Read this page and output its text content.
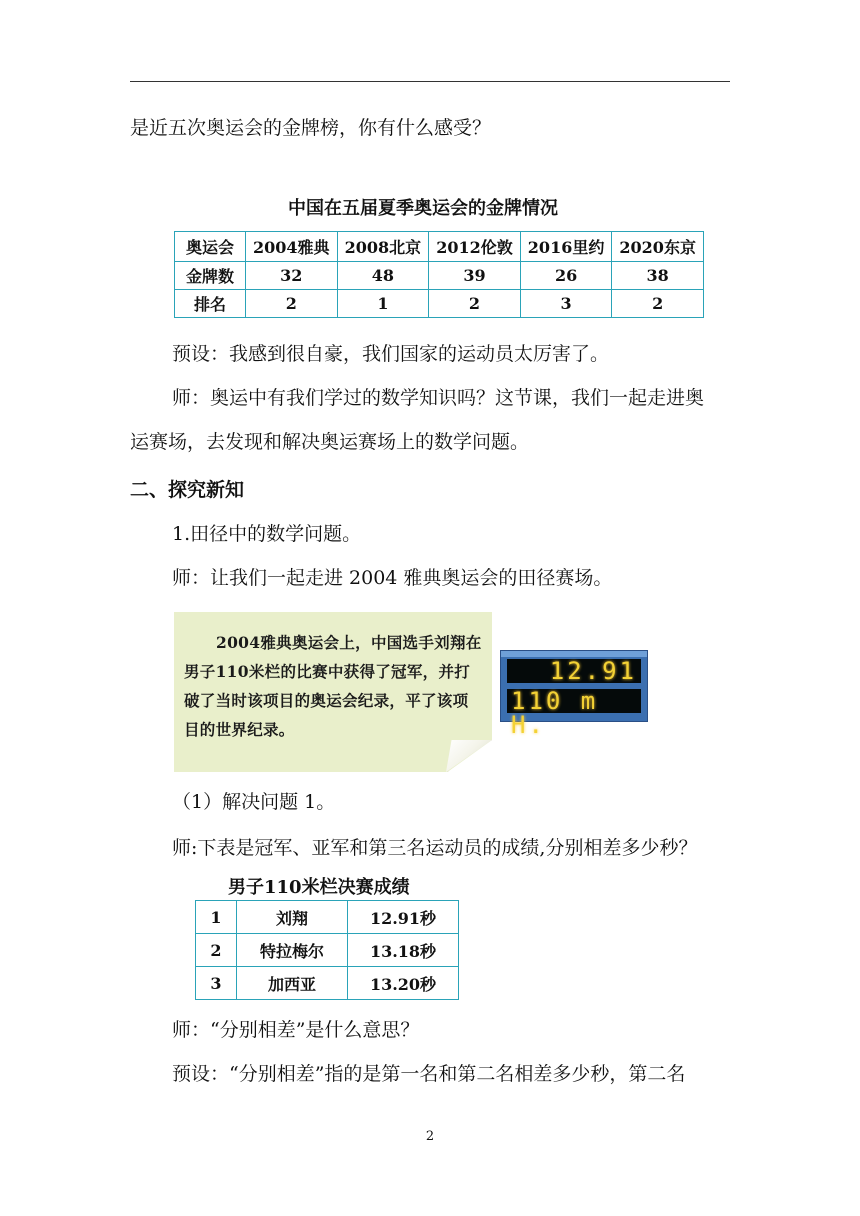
是近五次奥运会的金牌榜，你有什么感受？
中国在五届夏季奥运会的金牌情况
奥运会	2004雅典	2008北京	2012伦敦	2016里约	2020东京
金牌数	32	48	39	26	38
排名	2	1	2	3	2
预设：我感到很自豪，我们国家的运动员太厉害了。
师：奥运中有我们学过的数学知识吗？这节课，我们一起走进奥
运赛场，去发现和解决奥运赛场上的数学问题。
二、探究新知
1.田径中的数学问题。
师：让我们一起走进 2004 雅典奥运会的田径赛场。
2004雅典奥运会上，中国选手刘翔在男子110米栏的比赛中获得了冠军，并打破了当时该项目的奥运会纪录，平了该项目的世界纪录。
12.91
110 m H.
（1）解决问题 1。
师:下表是冠军、亚军和第三名运动员的成绩,分别相差多少秒？
男子110米栏决赛成绩
1	刘翔	12.91秒
2	特拉梅尔	13.18秒
3	加西亚	13.20秒
师：“分别相差”是什么意思？
预设：“分别相差”指的是第一名和第二名相差多少秒，第二名
2
